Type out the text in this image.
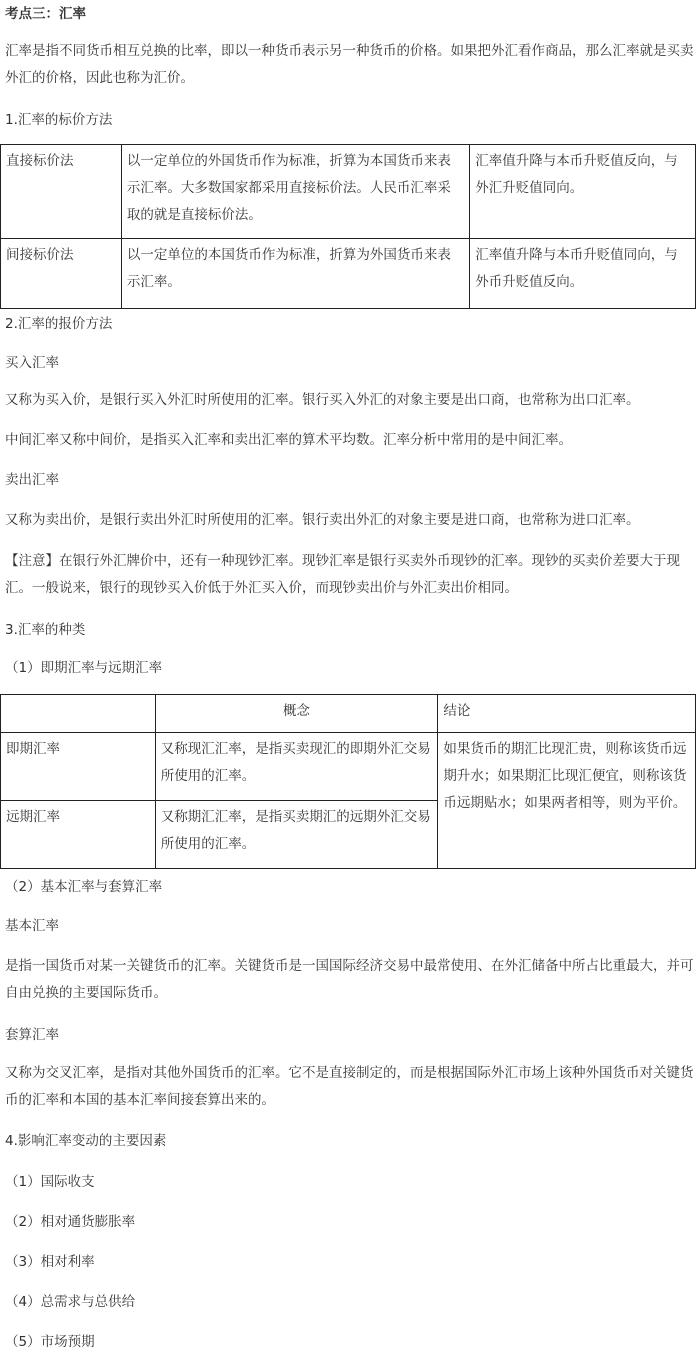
考点三：汇率
汇率是指不同货币相互兑换的比率，即以一种货币表示另一种货币的价格。如果把外汇看作商品，那么汇率就是买卖外汇的价格，因此也称为汇价。
1.汇率的标价方法
直接标价法	以一定单位的外国货币作为标准，折算为本国货币来表示汇率。大多数国家都采用直接标价法。人民币汇率采取的就是直接标价法。	汇率值升降与本币升贬值反向，与外汇升贬值同向。

间接标价法	以一定单位的本国货币作为标准，折算为外国货币来表示汇率。	汇率值升降与本币升贬值同向，与外币升贬值反向。
2.汇率的报价方法
买入汇率
又称为买入价，是银行买入外汇时所使用的汇率。银行买入外汇的对象主要是出口商，也常称为出口汇率。
中间汇率又称中间价，是指买入汇率和卖出汇率的算术平均数。汇率分析中常用的是中间汇率。
卖出汇率
又称为卖出价，是银行卖出外汇时所使用的汇率。银行卖出外汇的对象主要是进口商，也常称为进口汇率。
【注意】在银行外汇牌价中，还有一种现钞汇率。现钞汇率是银行买卖外币现钞的汇率。现钞的买卖价差要大于现汇。一般说来，银行的现钞买入价低于外汇买入价，而现钞卖出价与外汇卖出价相同。
3.汇率的种类
（1）即期汇率与远期汇率

	概念	结论

即期汇率	又称现汇汇率，是指买卖现汇的即期外汇交易所使用的汇率。	如果货币的期汇比现汇贵，则称该货币远期升水；如果期汇比现汇便宜，则称该货币远期贴水；如果两者相等，则为平价。

远期汇率	又称期汇汇率，是指买卖期汇的远期外汇交易所使用的汇率。	
（2）基本汇率与套算汇率
基本汇率
是指一国货币对某一关键货币的汇率。关键货币是一国国际经济交易中最常使用、在外汇储备中所占比重最大，并可自由兑换的主要国际货币。
套算汇率
又称为交叉汇率，是指对其他外国货币的汇率。它不是直接制定的，而是根据国际外汇市场上该种外国货币对关键货币的汇率和本国的基本汇率间接套算出来的。
4.影响汇率变动的主要因素
（1）国际收支
（2）相对通货膨胀率
（3）相对利率
（4）总需求与总供给
（5）市场预期
